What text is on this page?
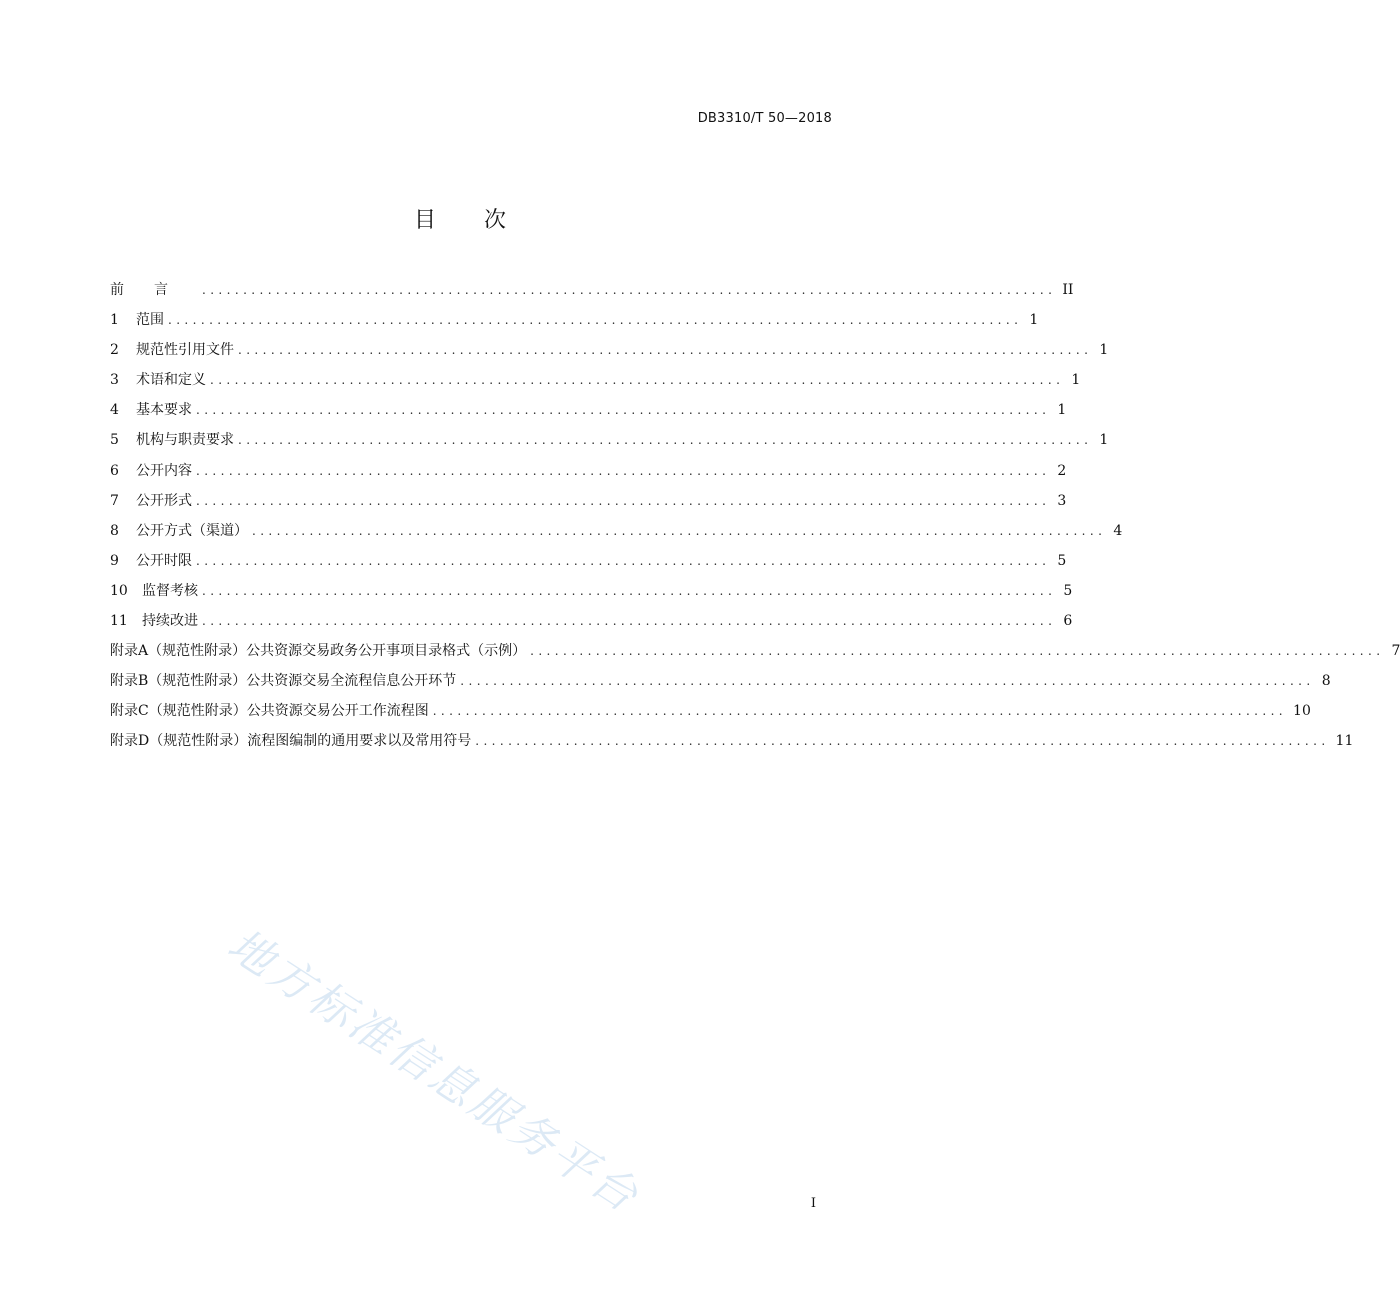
DB3310/T 50—2018
目次
前言 ........................................................................................................ II
1	范围 ........................................................................................................ 1
2	规范性引用文件 ........................................................................................................ 1
3	术语和定义 ........................................................................................................ 1
4	基本要求 ........................................................................................................ 1
5	机构与职责要求 ........................................................................................................ 1
6	公开内容 ........................................................................................................ 2
7	公开形式 ........................................................................................................ 3
8	公开方式（渠道） ........................................................................................................ 4
9	公开时限 ........................................................................................................ 5
10	监督考核 ........................................................................................................ 5
11	持续改进 ........................................................................................................ 6
附录A（规范性附录） 公共资源交易政务公开事项目录格式（示例） ........................................................................................................ 7
附录B（规范性附录） 公共资源交易全流程信息公开环节 ........................................................................................................ 8
附录C（规范性附录） 公共资源交易公开工作流程图 ........................................................................................................ 10
附录D（规范性附录） 流程图编制的通用要求以及常用符号 ........................................................................................................ 11
地方标准信息服务平台	I
